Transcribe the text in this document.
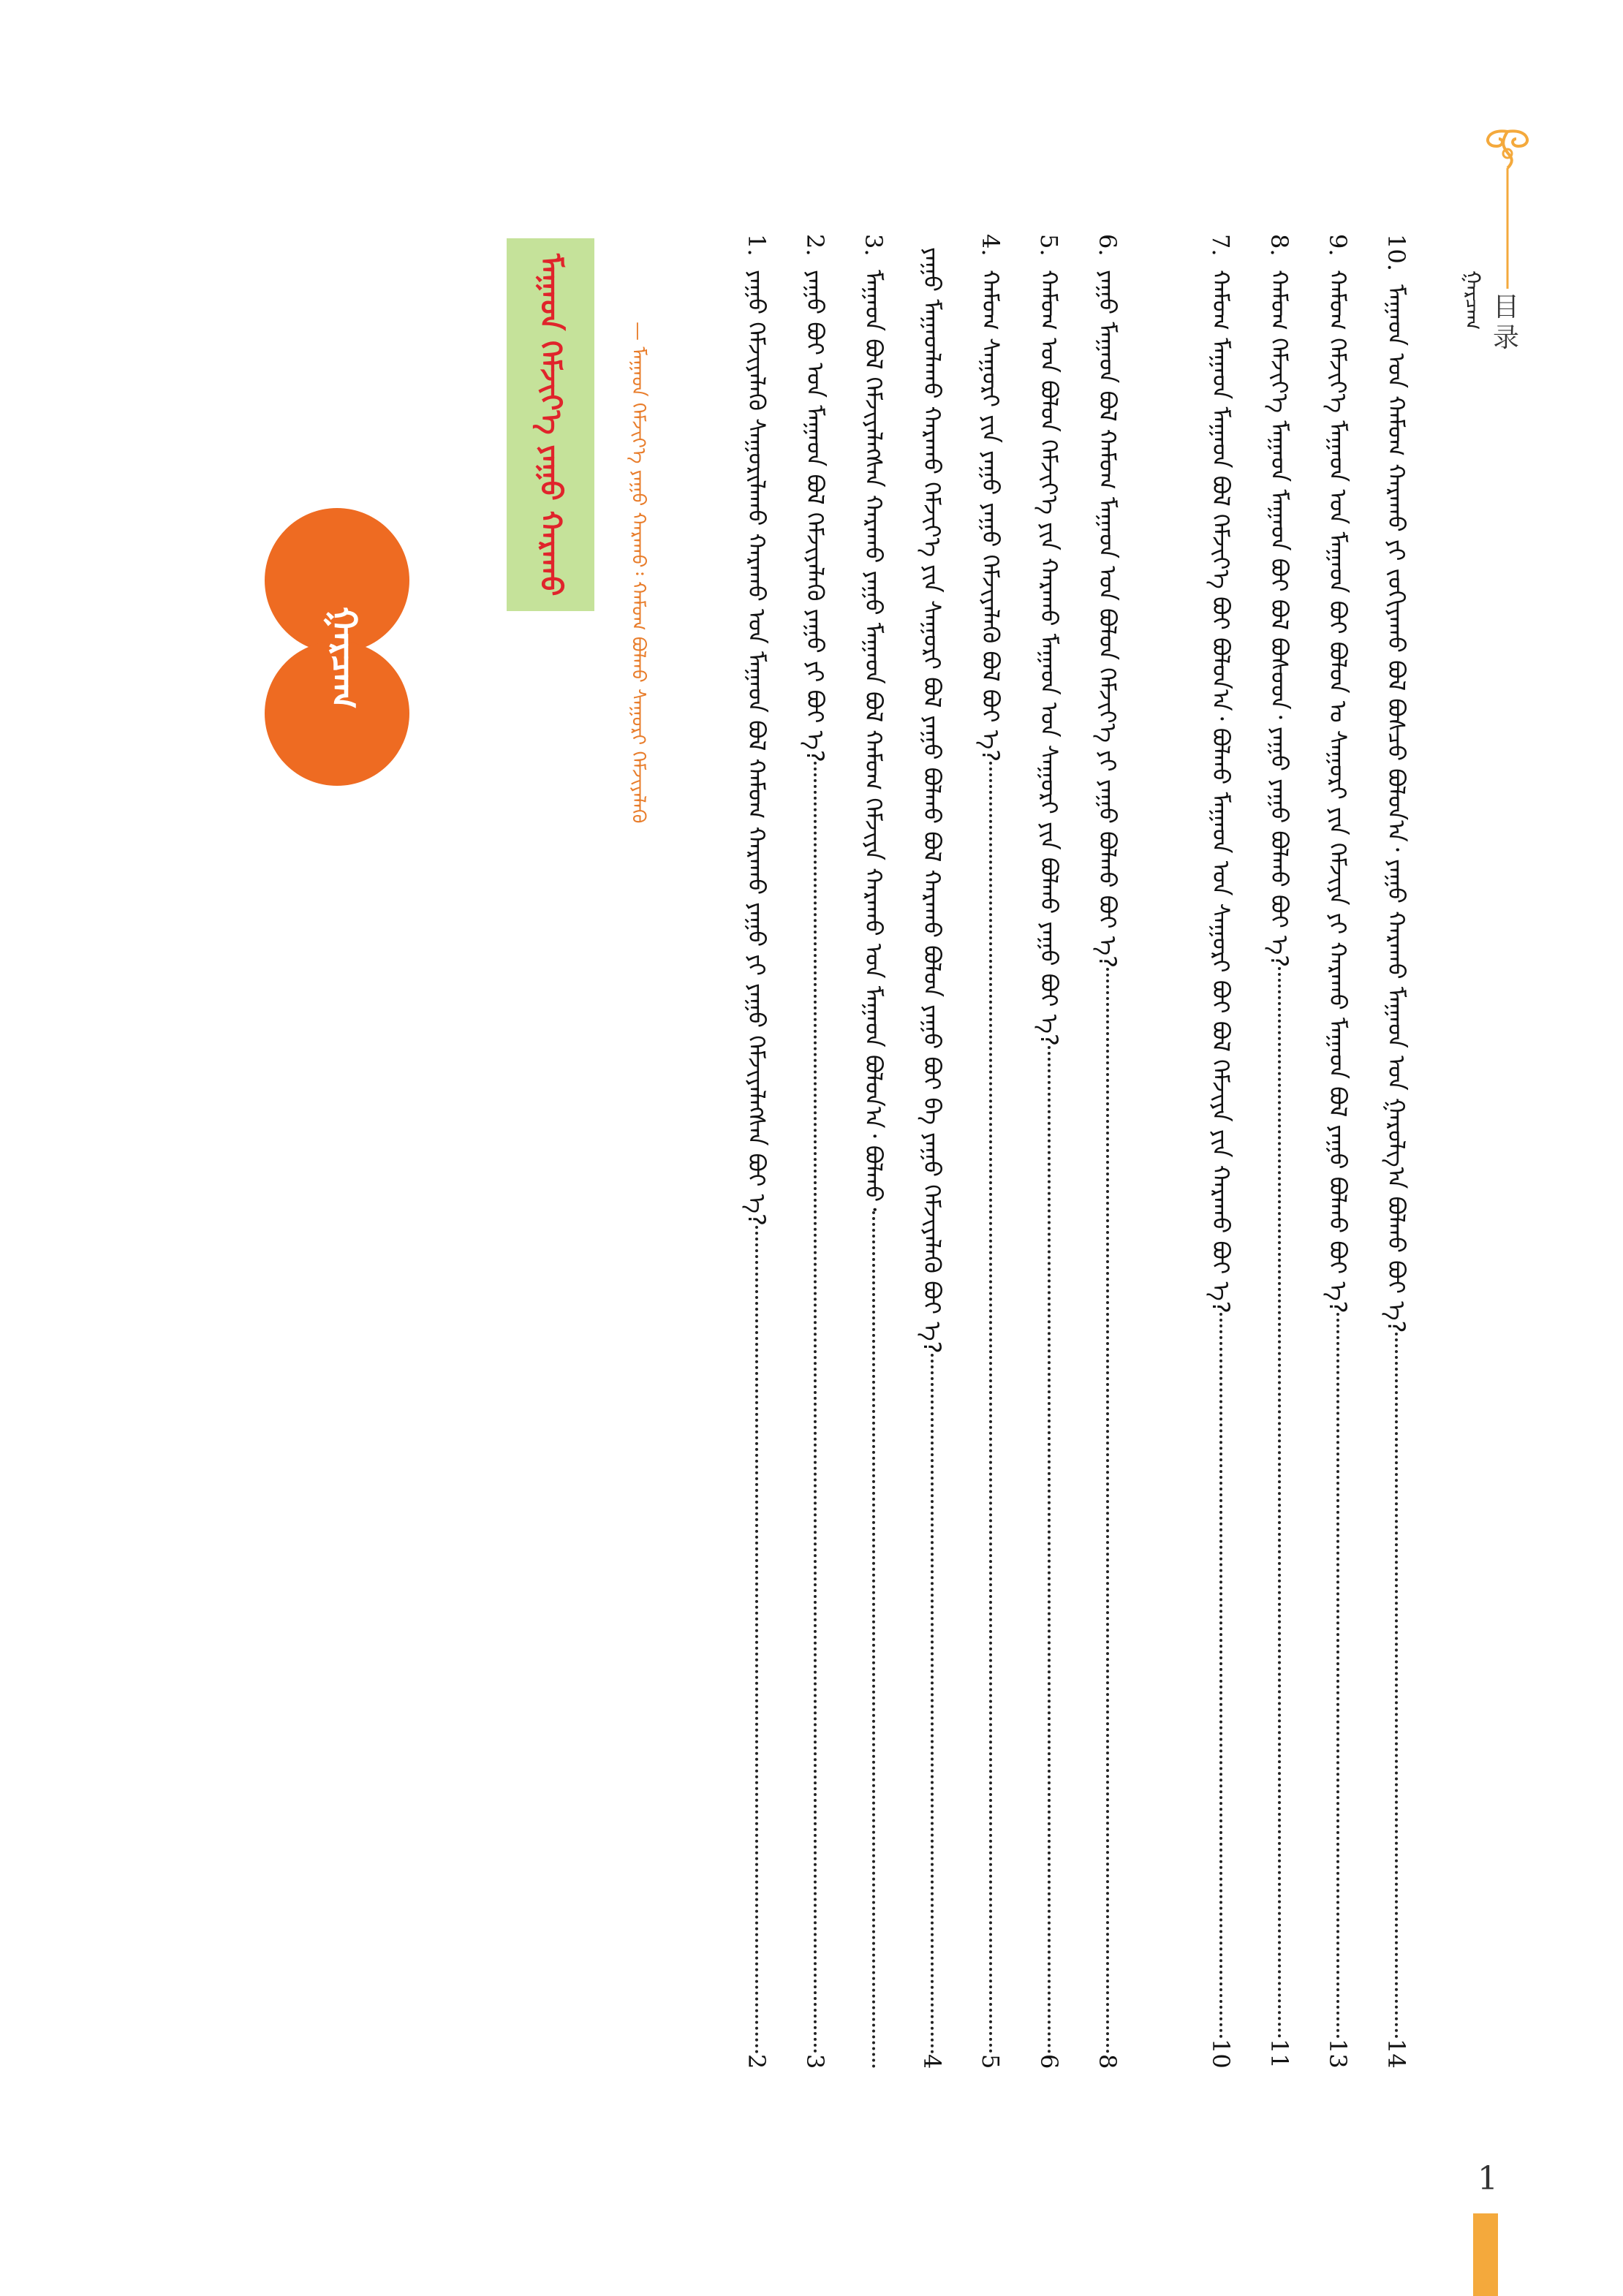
目录
ᠭᠠᠷᠴᠠᠭ
10.
ᠮᠠᠭᠠᠳ ᠤᠨ ᠬᠠᠮᠤᠭ ᠬᠠᠷᠠᠬᠤ ᠶᠢ ᠵᠣᠬᠢᠶᠠᠬᠤ ᠪᠣᠯ ᠪᠣᠰᠴᠤ ᠪᠣᠯᠤᠨ᠎ᠠ᠂ ᠶᠠᠭᠤ ᠬᠠᠷᠠᠬᠤ ᠮᠠᠭᠠᠳ ᠤᠨ ᠭᠠᠷᠤᠯᠭ᠎ᠠ ᠪᠣᠯᠬᠤ ᠪᠤᠢ ᠡ?
14
9.
ᠬᠠᠮᠤᠭ ᠬᠡᠮᠵᠢᠶ᠎ᠡ ᠮᠠᠭᠠᠳ ᠤᠨ ᠮᠠᠭᠠᠳ ᠪᠤᠢ ᠪᠣᠯᠤᠨ ᠤ ᠰᠠᠭᠤᠷᠢ ᠶᠢᠨ ᠬᠡᠮᠵᠢᠶᠡ ᠶᠢ ᠬᠠᠷᠠᠬᠤ ᠮᠠᠭᠠᠳ ᠪᠣᠯ ᠶᠠᠭᠤ ᠪᠣᠯᠬᠤ ᠪᠤᠢ ᠡ?
13
8.
ᠬᠠᠮᠤᠭ ᠬᠡᠮᠵᠢᠶ᠎ᠡ ᠮᠠᠭᠠᠳ ᠮᠠᠭᠠᠳ ᠪᠤᠢ ᠪᠣᠯ ᠪᠤᠰᠤᠳ᠂ ᠶᠠᠭᠤ ᠶᠠᠭᠤ ᠪᠣᠯᠬᠤ ᠪᠤᠢ ᠡ?
11
7.
ᠬᠠᠮᠤᠭ ᠮᠠᠭᠠᠳ ᠮᠠᠭᠠᠳ ᠪᠣᠯ ᠬᠡᠮᠵᠢᠶ᠎ᠡ ᠪᠤᠢ ᠪᠣᠯᠤᠨ᠎ᠠ᠂ ᠪᠣᠯᠬᠤ ᠮᠠᠭᠠᠳ ᠤᠨ ᠰᠠᠭᠤᠷᠢ ᠪᠤᠢ ᠪᠣᠯ ᠬᠡᠮᠵᠢᠶᠡ ᠶᠢᠨ ᠬᠠᠷᠠᠬᠤ ᠪᠤᠢ ᠡ?
10
6.
ᠶᠠᠭᠤ ᠮᠠᠭᠠᠳ ᠪᠣᠯ ᠬᠠᠮᠤᠭ ᠮᠠᠭᠠᠳ ᠤᠨ ᠪᠣᠯᠤᠨ ᠬᠡᠮᠵᠢᠶ᠎ᠡ ᠶᠢ ᠶᠠᠭᠤ ᠪᠣᠯᠬᠤ ᠪᠤᠢ ᠡ?
8
5.
ᠬᠠᠮᠤᠭ ᠤᠨ ᠪᠣᠯᠤᠨ ᠬᠡᠮᠵᠢᠶ᠎ᠡ ᠶᠢᠨ ᠬᠠᠷᠠᠬᠤ ᠮᠠᠭᠠᠳ ᠤᠨ ᠰᠠᠭᠤᠷᠢ ᠶᠢᠨ ᠪᠣᠯᠬᠤ ᠶᠠᠭᠤ ᠪᠤᠢ ᠡ?
6
4.
ᠬᠠᠮᠤᠭ ᠰᠠᠭᠤᠷᠢ ᠶᠢᠨ ᠶᠠᠭᠤ ᠶᠠᠭᠤ ᠬᠡᠮᠵᠢᠶᠡᠯᠡᠬᠦ ᠪᠣᠯ ᠪᠤᠢ ᠡ?
5
ᠶᠠᠭᠤ ᠮᠠᠭᠠᠳᠯᠠᠬᠤ ᠬᠠᠷᠠᠬᠤ ᠬᠡᠮᠵᠢᠶ᠎ᠡ ᠶᠢᠨ ᠰᠠᠭᠤᠷᠢ ᠪᠣᠯ ᠶᠠᠭᠤ ᠪᠣᠯᠬᠤ ᠪᠣᠯ ᠬᠠᠷᠠᠬᠤ ᠪᠣᠯᠤᠨ ᠶᠠᠭᠤ ᠪᠤᠢ ᠪᠠ ᠶᠠᠭᠤ ᠬᠡᠮᠵᠢᠶᠡᠯᠡᠬᠦ ᠪᠤᠢ ᠡ?
4
3.
ᠮᠠᠭᠠᠳ ᠪᠣᠯ ᠬᠡᠮᠵᠢᠶᠡᠯᠡᠭᠰᠡᠨ ᠬᠠᠷᠠᠬᠤ ᠶᠠᠭᠤ ᠮᠠᠭᠠᠳ ᠪᠣᠯ ᠬᠠᠮᠤᠭ ᠬᠡᠮᠵᠢᠶᠡ ᠬᠠᠷᠠᠬᠤ ᠤᠨ ᠮᠠᠭᠠᠳ ᠪᠣᠯᠤᠨ᠎ᠠ᠂ ᠪᠣᠯᠬᠤ᠂
2.
ᠶᠠᠭᠤ ᠪᠤᠢ ᠤᠨ ᠮᠠᠭᠠᠳ ᠪᠣᠯ ᠬᠡᠮᠵᠢᠶᠡᠯᠡᠬᠦ ᠶᠠᠭᠤ ᠶᠢ ᠪᠤᠢ ᠡ?
3
1.
ᠶᠠᠭᠤ ᠬᠡᠮᠵᠢᠶᠡᠯᠡᠬᠦ ᠰᠠᠭᠤᠷᠢᠯᠠᠬᠤ ᠬᠠᠷᠠᠬᠤ ᠤᠨ ᠮᠠᠭᠠᠳ ᠪᠣᠯ ᠬᠠᠮᠤᠭ ᠬᠠᠷᠠᠬᠤ ᠶᠠᠭᠤ ᠶᠢ ᠶᠠᠭᠤ ᠬᠡᠮᠵᠢᠶᠡᠯᠡᠭᠰᠡᠨ ᠪᠤᠢ ᠡ?
2
— ᠮᠠᠭᠠᠳ ᠬᠡᠮᠵᠢᠶ᠎ᠡ ᠶᠠᠭᠤ ᠬᠠᠷᠠᠬᠤ᠄ ᠬᠠᠮᠤᠭ ᠪᠣᠯᠬᠤ ᠰᠠᠭᠤᠷᠢ ᠬᠡᠮᠵᠢᠶᠡᠯᠡᠬᠦ
ᠮᠠᠭᠠᠳ ᠬᠡᠮᠵᠢᠶ᠎ᠡ ᠶᠠᠭᠤ ᠬᠠᠷᠠᠬᠤ
ᠭᠠᠷᠴᠠᠭ
1
